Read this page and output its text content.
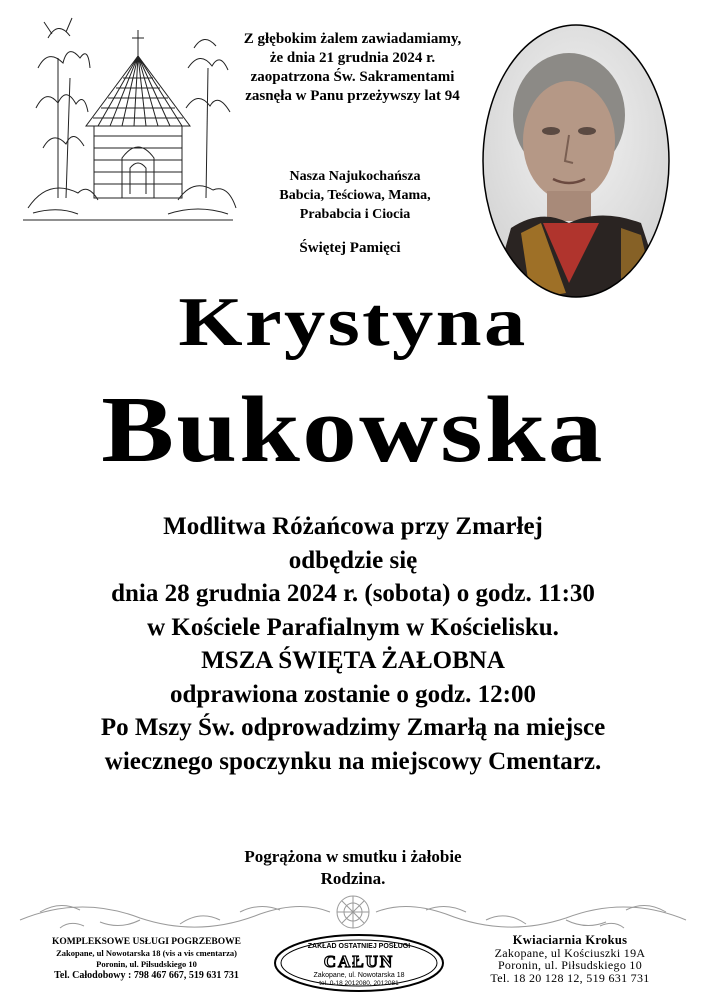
Z głębokim żalem zawiadamiamy,
że dnia 21 grudnia 2024 r.
zaopatrzona Św. Sakramentami
zasnęła w Panu przeżywszy lat 94
Nasza Najukochańsza
Babcia, Teściowa, Mama,
Prababcia i Ciocia
Świętej Pamięci
Krystyna
Bukowska
Modlitwa Różańcowa przy Zmarłej
odbędzie się
dnia 28 grudnia 2024 r. (sobota) o godz. 11:30
w Kościele Parafialnym w Kościelisku.
MSZA ŚWIĘTA ŻAŁOBNA
odprawiona zostanie o godz. 12:00
Po Mszy Św. odprowadzimy Zmarłą na miejsce
wiecznego spoczynku na miejscowy Cmentarz.
Pogrążona w smutku i żałobie
Rodzina.
KOMPLEKSOWE USŁUGI POGRZEBOWE
Zakopane, ul Nowotarska 18 (vis a vis cmentarza)
Poronin, ul. Piłsudskiego 10
Tel. Całodobowy : 798 467 667, 519 631 731
ZAKŁAD OSTATNIEJ POSŁUGI
CAŁUN
Zakopane, ul. Nowotarska 18
tel. 0-18 2012080, 2012081
Kwiaciarnia Krokus
Zakopane, ul Kościuszki 19A
Poronin, ul. Piłsudskiego 10
Tel. 18 20 128 12, 519 631 731
